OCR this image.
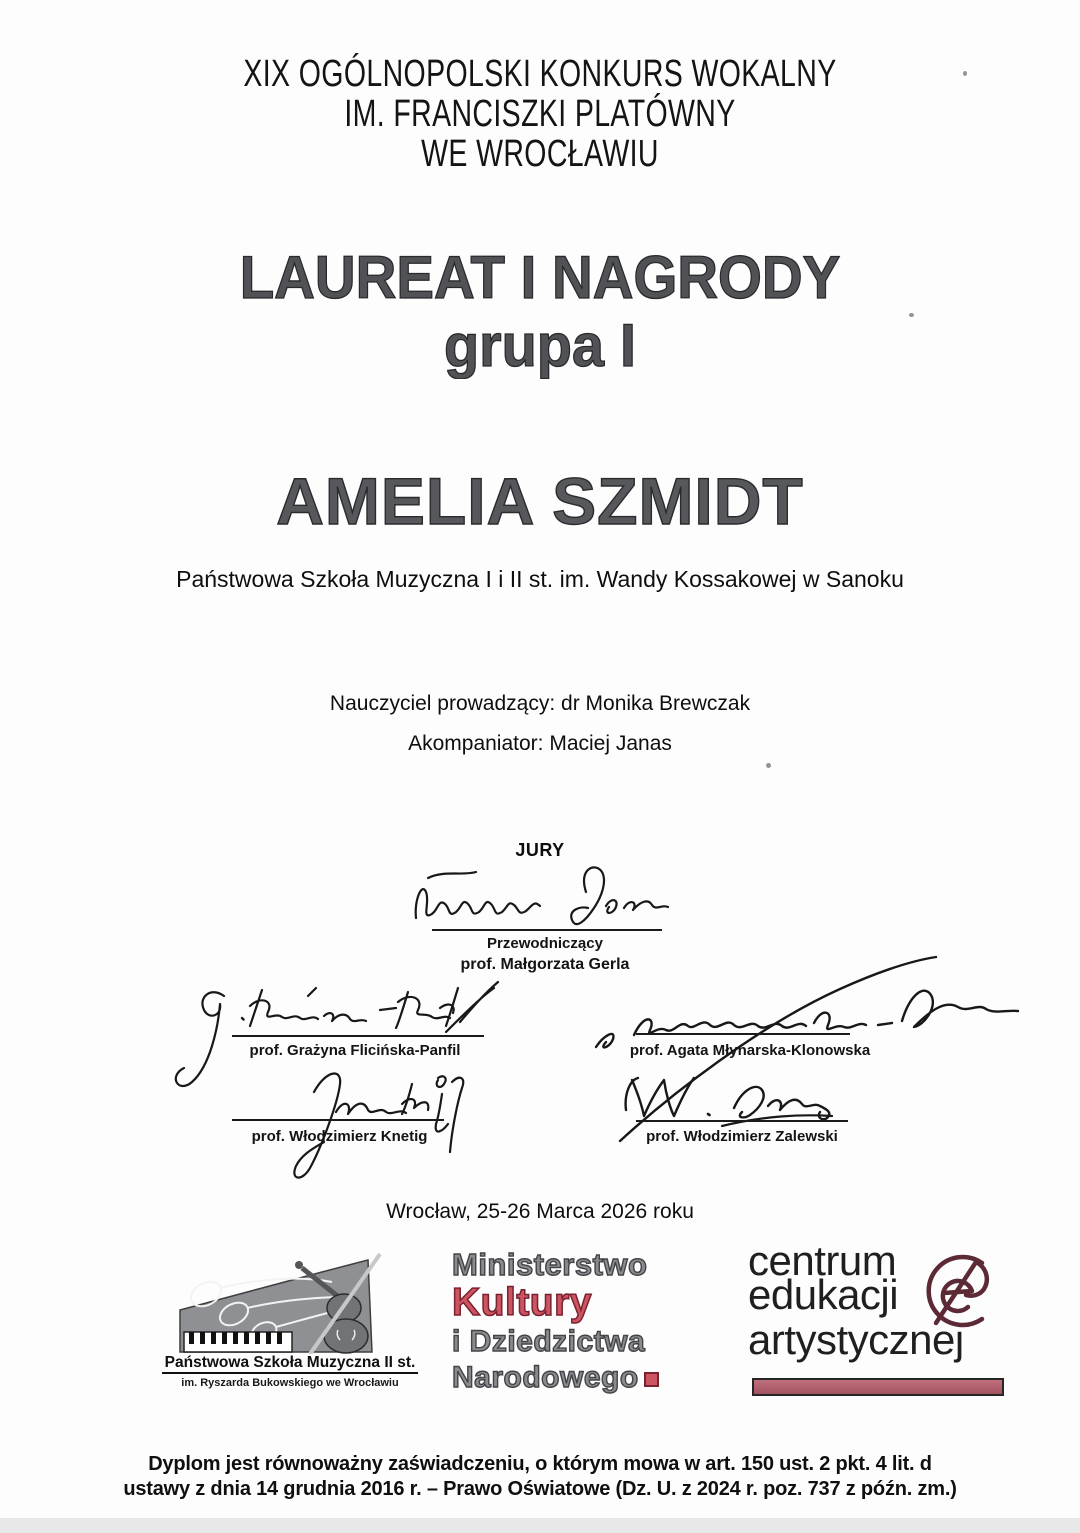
XIX OGÓLNOPOLSKI KONKURS WOKALNY
IM. FRANCISZKI PLATÓWNY
WE WROCŁAWIU
LAUREAT I NAGRODY
grupa I
AMELIA SZMIDT
Państwowa Szkoła Muzyczna I i II st. im. Wandy Kossakowej w Sanoku
Nauczyciel prowadzący: dr Monika Brewczak
Akompaniator: Maciej Janas
JURY
Przewodniczący
prof. Małgorzata Gerla
prof. Grażyna Flicińska-Panfil	prof. Agata Młynarska-Klonowska
prof. Włodzimierz Knetig	prof. Włodzimierz Zalewski
Wrocław, 25-26 Marca 2026 roku
Państwowa Szkoła Muzyczna II st.
im. Ryszarda Bukowskiego we Wrocławiu
Ministerstwo
Kultury
i Dziedzictwa
Narodowego
centrum
edukacji
artystycznej
Dyplom jest równoważny zaświadczeniu, o którym mowa w art. 150 ust. 2 pkt. 4 lit. d
ustawy z dnia 14 grudnia 2016 r. – Prawo Oświatowe (Dz. U. z 2024 r. poz. 737 z późn. zm.)
